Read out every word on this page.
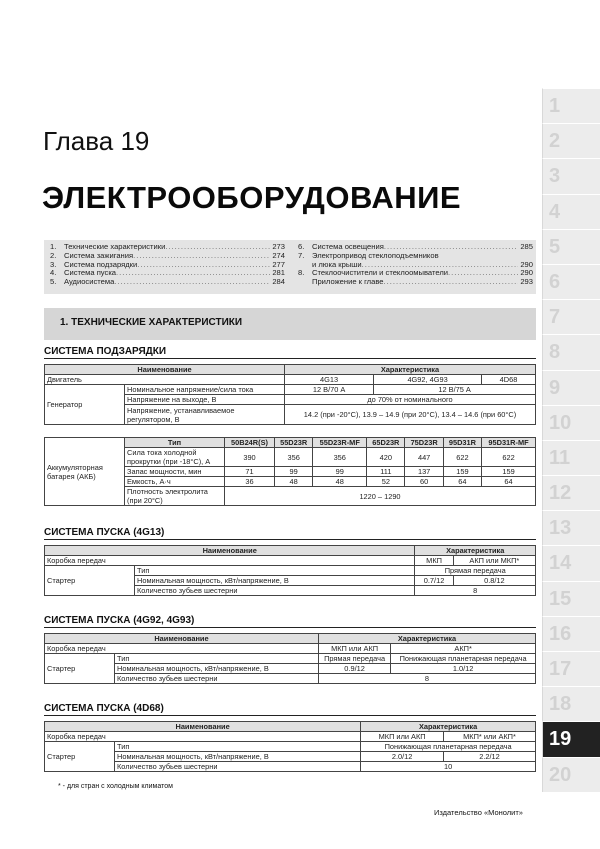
1
2
3
4
5
6
7
8
9
10
11
12
13
14
15
16
17
18
19
20
Глава 19
ЭЛЕКТРООБОРУДОВАНИЕ
1.	Технические характеристики .....	273
2.	Система зажигания .....	274
3.	Система подзарядки .....	277
4.	Система пуска .....	281
5.	Аудиосистема .....	284
6.	Система освещения .....	285
7.	Электропривод стеклоподъемников
и люка крыши .....	290
8.	Стеклоочистители и стеклоомыватели .....	290
Приложение к главе .....	293
1. ТЕХНИЧЕСКИЕ ХАРАКТЕРИСТИКИ
СИСТЕМА ПОДЗАРЯДКИ
Наименование		Характеристика		
Двигатель		4G13	4G92, 4G93	4D68
Генератор	Номинальное напряжение/сила тока	12 В/70 А	12 В/75 А	
	Напряжение на выходе, В	до 70% от номинального		
	Напряжение, устанавливаемое регулятором, В	14.2 (при -20°С), 13.9 – 14.9 (при 20°С), 13.4 – 14.6 (при 60°С)		
Аккумуляторная батарея (АКБ)	Тип	50B24R(S)	55D23R	55D23R-MF	65D23R	75D23R	95D31R	95D31R-MF
	Сила тока холодной прокрутки (при -18°С), А	390	356	356	420	447	622	622
	Запас мощности, мин	71	99	99	111	137	159	159
	Емкость, А·ч	36	48	48	52	60	64	64
	Плотность электролита (при 20°С)	1220 – 1290						
СИСТЕМА ПУСКА (4G13)
Наименование		Характеристика	
Коробка передач		МКП	АКП или МКП*
Стартер	Тип	Прямая передача	
	Номинальная мощность, кВт/напряжение, В	0.7/12	0.8/12
	Количество зубьев шестерни	8	
СИСТЕМА ПУСКА (4G92, 4G93)
Наименование		Характеристика	
Коробка передач		МКП или АКП	АКП*
Стартер	Тип	Прямая передача	Понижающая планетарная передача
	Номинальная мощность, кВт/напряжение, В	0.9/12	1.0/12
	Количество зубьев шестерни	8	
СИСТЕМА ПУСКА (4D68)
Наименование		Характеристика	
Коробка передач		МКП или АКП	МКП* или АКП*
Стартер	Тип	Понижающая планетарная передача	
	Номинальная мощность, кВт/напряжение, В	2.0/12	2.2/12
	Количество зубьев шестерни	10	
* - для стран с холодным климатом
Издательство «Монолит»
